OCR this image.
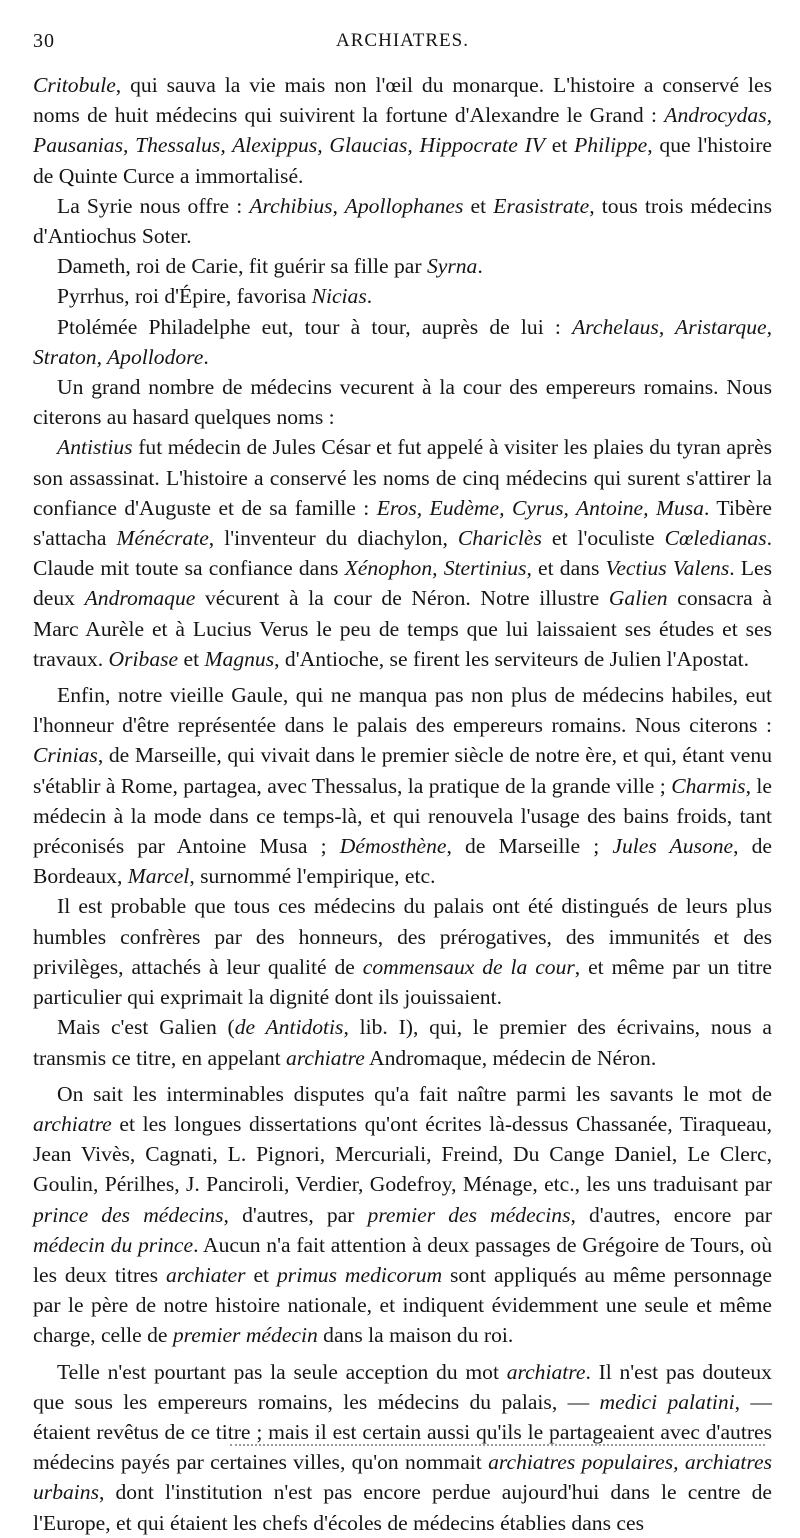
30	ARCHIATRES.

Critobule, qui sauva la vie mais non l'œil du monarque. L'histoire a conservé les noms de huit médecins qui suivirent la fortune d'Alexandre le Grand : Androcydas, Pausanias, Thessalus, Alexippus, Glaucias, Hippocrate IV et Philippe, que l'histoire de Quinte Curce a immortalisé.

La Syrie nous offre : Archibius, Apollophanes et Erasistrate, tous trois médecins d'Antiochus Soter.

Dameth, roi de Carie, fit guérir sa fille par Syrna.

Pyrrhus, roi d'Épire, favorisa Nicias.

Ptolémée Philadelphe eut, tour à tour, auprès de lui : Archelaus, Aristarque, Straton, Apollodore.

Un grand nombre de médecins vecurent à la cour des empereurs romains. Nous citerons au hasard quelques noms :

Antistius fut médecin de Jules César et fut appelé à visiter les plaies du tyran après son assassinat. L'histoire a conservé les noms de cinq médecins qui surent s'attirer la confiance d'Auguste et de sa famille : Eros, Eudème, Cyrus, Antoine, Musa. Tibère s'attacha Ménécrate, l'inventeur du diachylon, Chariclès et l'oculiste Cœledianas. Claude mit toute sa confiance dans Xénophon, Stertinius, et dans Vectius Valens. Les deux Andromaque vécurent à la cour de Néron. Notre illustre Galien consacra à Marc Aurèle et à Lucius Verus le peu de temps que lui laissaient ses études et ses travaux. Oribase et Magnus, d'Antioche, se firent les serviteurs de Julien l'Apostat.

Enfin, notre vieille Gaule, qui ne manqua pas non plus de médecins habiles, eut l'honneur d'être représentée dans le palais des empereurs romains. Nous citerons : Crinias, de Marseille, qui vivait dans le premier siècle de notre ère, et qui, étant venu s'établir à Rome, partagea, avec Thessalus, la pratique de la grande ville ; Charmis, le médecin à la mode dans ce temps-là, et qui renouvela l'usage des bains froids, tant préconisés par Antoine Musa ; Démosthène, de Marseille ; Jules Ausone, de Bordeaux, Marcel, surnommé l'empirique, etc.

Il est probable que tous ces médecins du palais ont été distingués de leurs plus humbles confrères par des honneurs, des prérogatives, des immunités et des privilèges, attachés à leur qualité de commensaux de la cour, et même par un titre particulier qui exprimait la dignité dont ils jouissaient.

Mais c'est Galien (de Antidotis, lib. I), qui, le premier des écrivains, nous a transmis ce titre, en appelant archiatre Andromaque, médecin de Néron.

On sait les interminables disputes qu'a fait naître parmi les savants le mot de archiatre et les longues dissertations qu'ont écrites là-dessus Chassanée, Tiraqueau, Jean Vivès, Cagnati, L. Pignori, Mercuriali, Freind, Du Cange Daniel, Le Clerc, Goulin, Périlhes, J. Panciroli, Verdier, Godefroy, Ménage, etc., les uns traduisant par prince des médecins, d'autres, par premier des médecins, d'autres, encore par médecin du prince. Aucun n'a fait attention à deux passages de Grégoire de Tours, où les deux titres archiater et primus medicorum sont appliqués au même personnage par le père de notre histoire nationale, et indiquent évidemment une seule et même charge, celle de premier médecin dans la maison du roi.

Telle n'est pourtant pas la seule acception du mot archiatre. Il n'est pas douteux que sous les empereurs romains, les médecins du palais, — medici palatini, — étaient revêtus de ce titre ; mais il est certain aussi qu'ils le partageaient avec d'autres médecins payés par certaines villes, qu'on nommait archiatres populaires, archiatres urbains, dont l'institution n'est pas encore perdue aujourd'hui dans le centre de l'Europe, et qui étaient les chefs d'écoles de médecins établies dans ces
